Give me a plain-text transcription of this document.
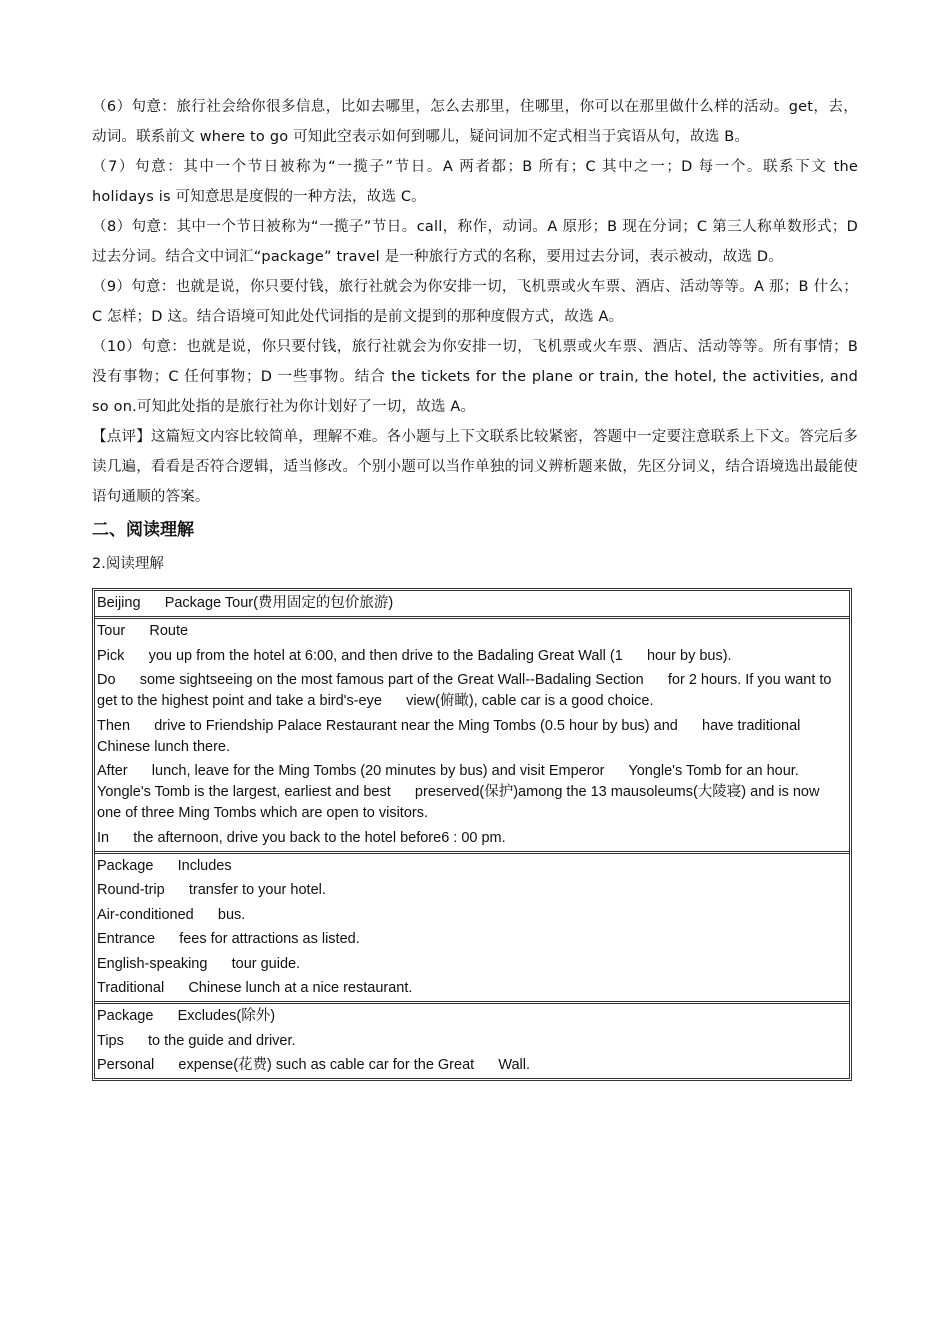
（6）句意：旅行社会给你很多信息，比如去哪里，怎么去那里，住哪里，你可以在那里做什么样的活动。get，去，动词。联系前文 where to go 可知此空表示如何到哪儿，疑问词加不定式相当于宾语从句，故选 B。

（7）句意：其中一个节日被称为“一揽子”节日。A 两者都；B 所有；C 其中之一；D 每一个。联系下文 the holidays is 可知意思是度假的一种方法，故选 C。

（8）句意：其中一个节日被称为“一揽子”节日。call，称作，动词。A 原形；B 现在分词；C 第三人称单数形式；D 过去分词。结合文中词汇“package” travel 是一种旅行方式的名称，要用过去分词，表示被动，故选 D。

（9）句意：也就是说，你只要付钱，旅行社就会为你安排一切，飞机票或火车票、酒店、活动等等。A 那；B 什么；C 怎样；D 这。结合语境可知此处代词指的是前文提到的那种度假方式，故选 A。

（10）句意：也就是说，你只要付钱，旅行社就会为你安排一切，飞机票或火车票、酒店、活动等等。所有事情；B 没有事物；C 任何事物；D 一些事物。结合 the tickets for the plane or train, the hotel, the activities, and so on.可知此处指的是旅行社为你计划好了一切，故选 A。

【点评】这篇短文内容比较简单，理解不难。各小题与上下文联系比较紧密，答题中一定要注意联系上下文。答完后多读几遍，看看是否符合逻辑，适当修改。个别小题可以当作单独的词义辨析题来做，先区分词义，结合语境选出最能使语句通顺的答案。

二、阅读理解
2.阅读理解
Beijing      Package Tour(费用固定的包价旅游)
Tour      Route
Pick      you up from the hotel at 6:00, and then drive to the Badaling Great Wall (1      hour by bus).
Do      some sightseeing on the most famous part of the Great Wall--Badaling Section      for 2 hours. If you want to get to the highest point and take a bird's-eye      view(俯瞰), cable car is a good choice.
Then      drive to Friendship Palace Restaurant near the Ming Tombs (0.5 hour by bus) and      have traditional Chinese lunch there.
After      lunch, leave for the Ming Tombs (20 minutes by bus) and visit Emperor      Yongle's Tomb for an hour. Yongle's Tomb is the largest, earliest and best      preserved(保护)among the 13 mausoleums(大陵寝) and is now one of three Ming Tombs which are open to visitors.
In      the afternoon, drive you back to the hotel before6 : 00 pm.
Package      Includes
Round-trip      transfer to your hotel.
Air-conditioned      bus.
Entrance      fees for attractions as listed.
English-speaking      tour guide.
Traditional      Chinese lunch at a nice restaurant.
Package      Excludes(除外)
Tips      to the guide and driver.
Personal      expense(花费) such as cable car for the Great      Wall.
